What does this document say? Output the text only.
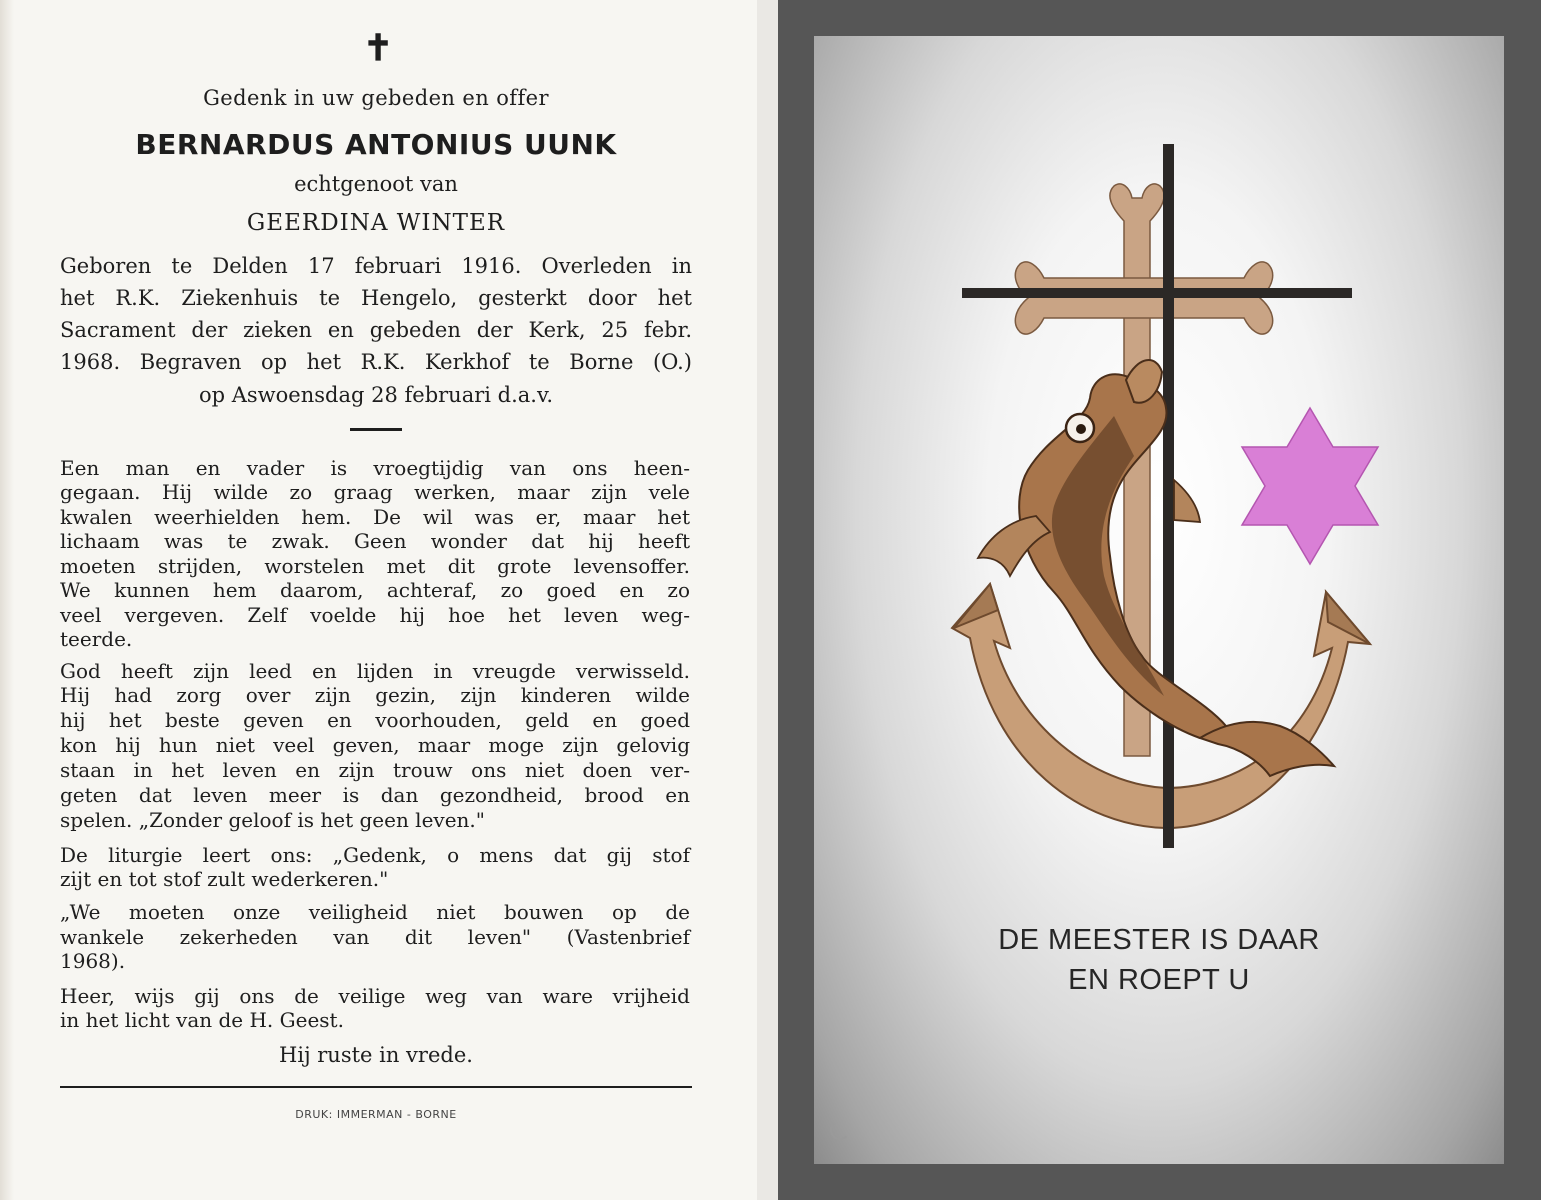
✝
Gedenk in uw gebeden en offer
BERNARDUS ANTONIUS UUNK
echtgenoot van
GEERDINA WINTER
Geboren te Delden 17 februari 1916. Overleden in
het R.K. Ziekenhuis te Hengelo, gesterkt door het
Sacrament der zieken en gebeden der Kerk, 25 febr.
1968. Begraven op het R.K. Kerkhof te Borne (O.)
op Aswoensdag 28 februari d.a.v.
Een man en vader is vroegtijdig van ons heen-
gegaan. Hij wilde zo graag werken, maar zijn vele
kwalen weerhielden hem. De wil was er, maar het
lichaam was te zwak. Geen wonder dat hij heeft
moeten strijden, worstelen met dit grote levensoffer.
We kunnen hem daarom, achteraf, zo goed en zo
veel vergeven. Zelf voelde hij hoe het leven weg-
teerde.
God heeft zijn leed en lijden in vreugde verwisseld.
Hij had zorg over zijn gezin, zijn kinderen wilde
hij het beste geven en voorhouden, geld en goed
kon hij hun niet veel geven, maar moge zijn gelovig
staan in het leven en zijn trouw ons niet doen ver-
geten dat leven meer is dan gezondheid, brood en
spelen. „Zonder geloof is het geen leven."
De liturgie leert ons: „Gedenk, o mens dat gij stof
zijt en tot stof zult wederkeren."
„We moeten onze veiligheid niet bouwen op de
wankele zekerheden van dit leven" (Vastenbrief
1968).
Heer, wijs gij ons de veilige weg van ware vrijheid
in het licht van de H. Geest.
Hij ruste in vrede.
DRUK: IMMERMAN - BORNE
DE MEESTER IS DAAR
EN ROEPT U
